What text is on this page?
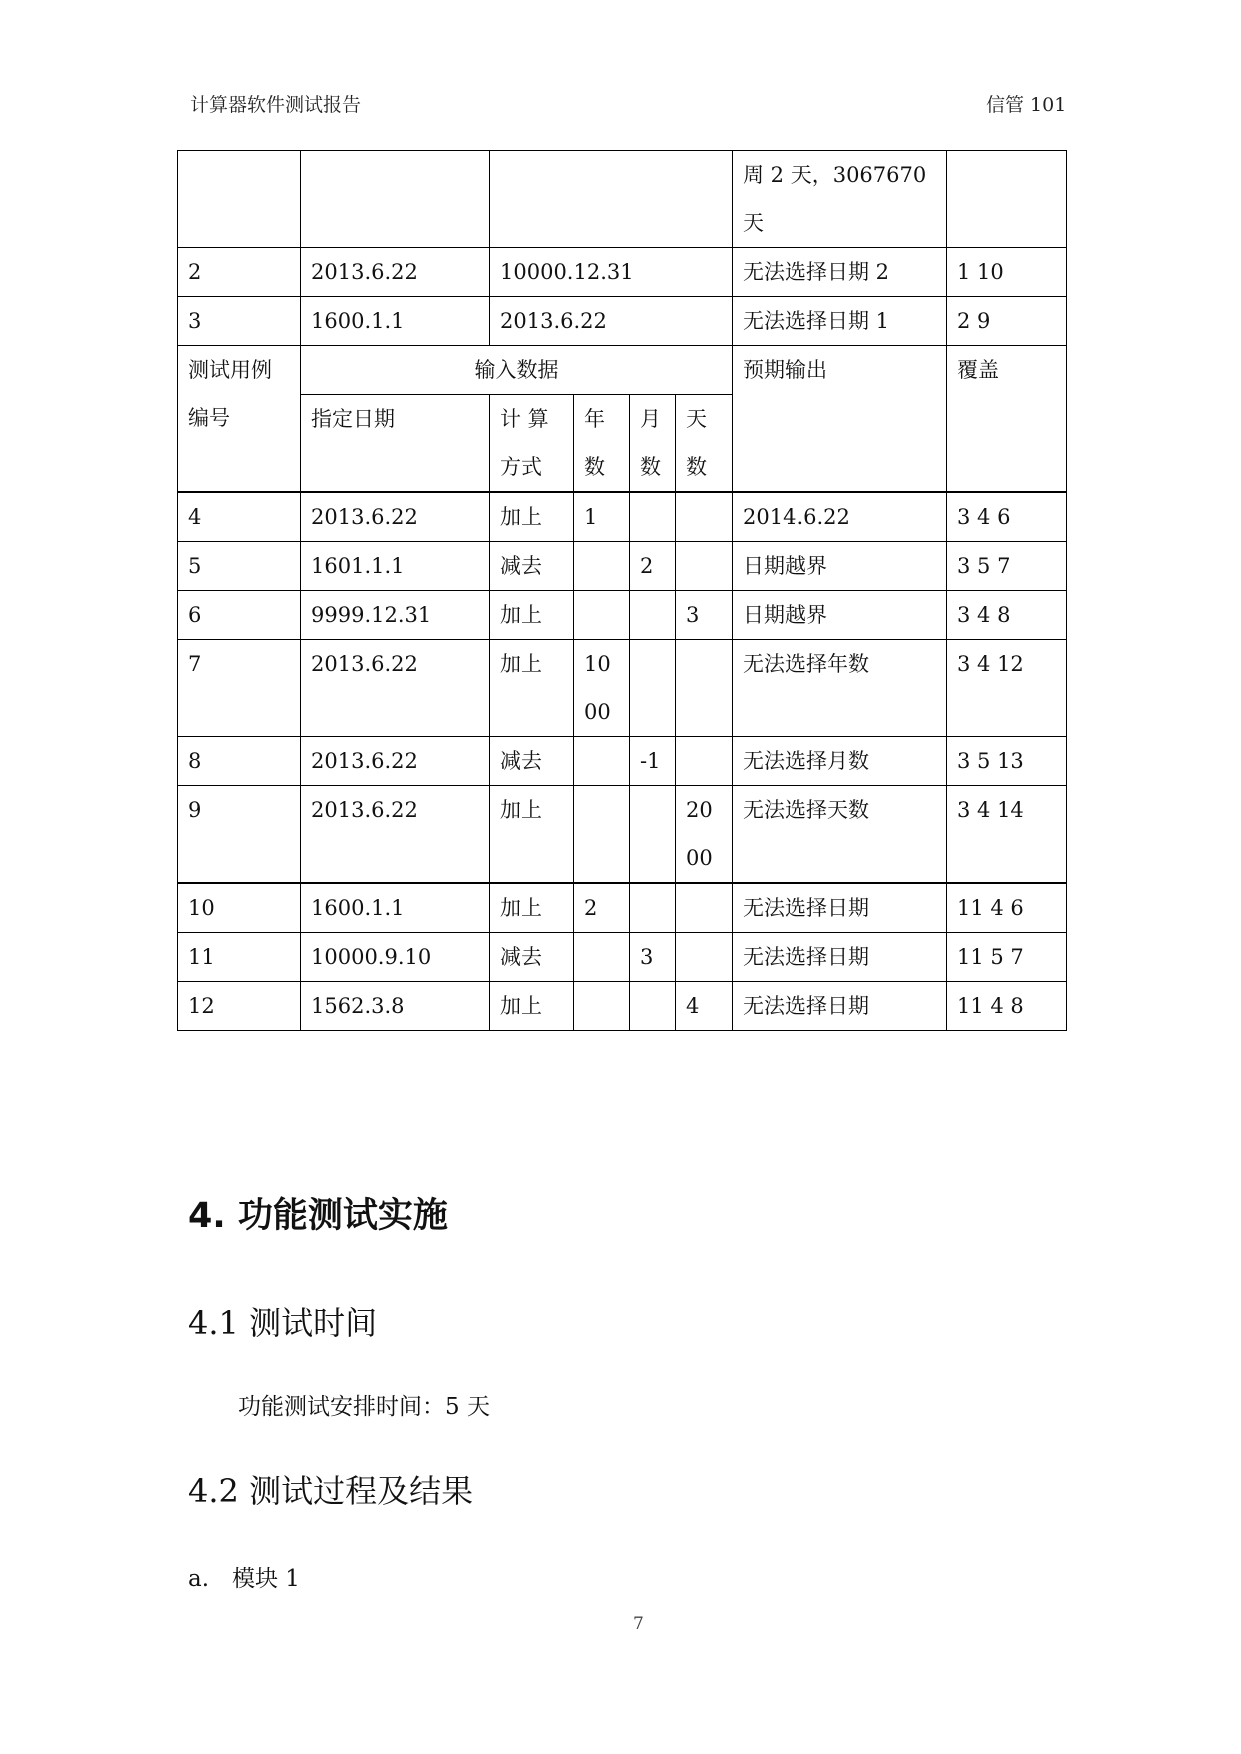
计算器软件测试报告	信管 101
						周 2 天，3067670 天	
2	2013.6.22	10000.12.31				无法选择日期 2	1 10
3	1600.1.1	2013.6.22				无法选择日期 1	2 9
测试用例编号	输入数据					预期输出	覆盖
	指定日期	计 算方式	年数	月数	天数		
4	2013.6.22	加上	1			2014.6.22	3 4 6
5	1601.1.1	减去		2		日期越界	3 5 7
6	9999.12.31	加上			3	日期越界	3 4 8
7	2013.6.22	加上	1000			无法选择年数	3 4 12
8	2013.6.22	减去		-1		无法选择月数	3 5 13
9	2013.6.22	加上			2000	无法选择天数	3 4 14
10	1600.1.1	加上	2			无法选择日期	11 4 6
11	10000.9.10	减去		3		无法选择日期	11 5 7
12	1562.3.8	加上			4	无法选择日期	11 4 8
4. 功能测试实施
4.1 测试时间
功能测试安排时间：5 天
4.2 测试过程及结果
a. 模块 1
7
